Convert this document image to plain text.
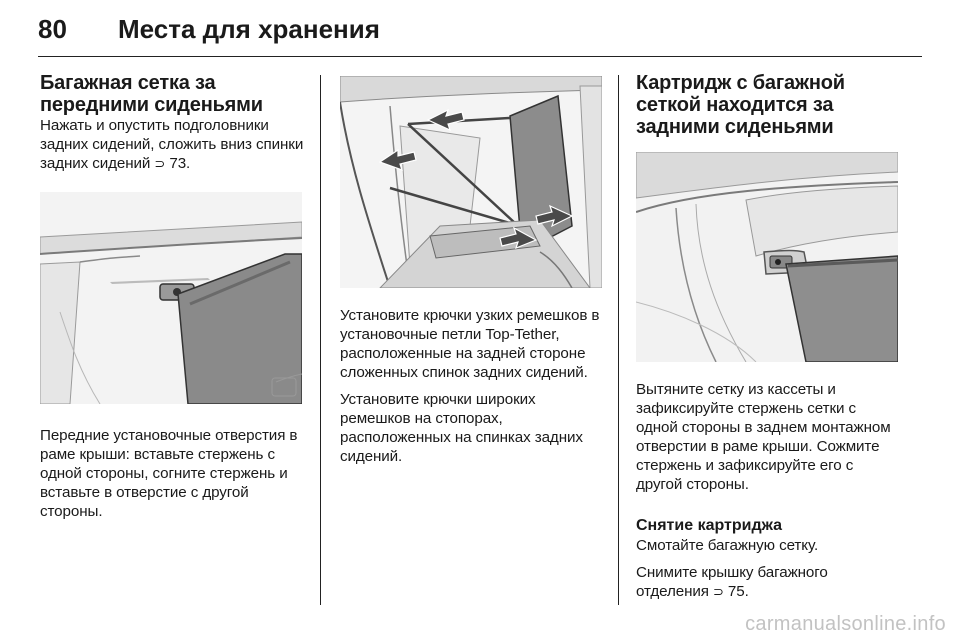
80 Места для хранения
Багажная сетка за передними сиденьями

Нажать и опустить подголовники задних сидений, сложить вниз спинки задних сидений ⊃ 73.

Передние установочные отверстия в раме крыши: вставьте стержень с одной стороны, согните стержень и вставьте в отверстие с другой стороны.

Установите крючки узких ремешков в установочные петли Top-Tether, расположенные на задней стороне сложенных спинок задних сидений.

Установите крючки широких ремешков на стопорах, расположенных на спинках задних сидений.

Картридж с багажной сеткой находится за задними сиденьями

Вытяните сетку из кассеты и зафиксируйте стержень сетки с одной стороны в заднем монтажном отверстии в раме крыши. Сожмите стержень и зафиксируйте его с другой стороны.

Снятие картриджа

Смотайте багажную сетку.

Снимите крышку багажного отделения ⊃ 75.

carmanualsonline.info
